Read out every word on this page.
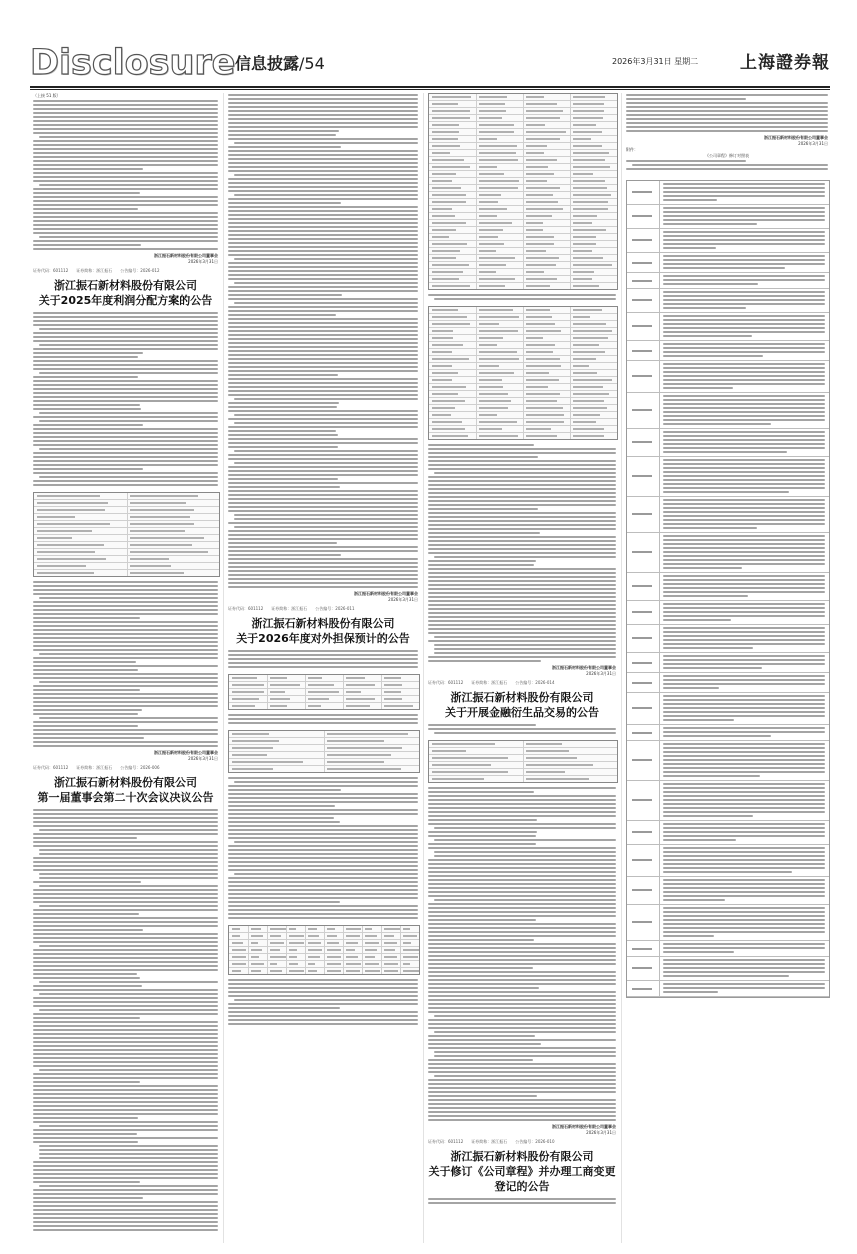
Disclosure 信息披露/54	2026年3月31日 星期二 上海證券報
（上接 51 版）
浙江振石新材料股份有限公司董事会
2026年3月31日
证券代码：601112　　证券简称：浙江振石　　公告编号：2026-012
浙江振石新材料股份有限公司
关于2025年度利润分配方案的公告
浙江振石新材料股份有限公司董事会
2026年3月31日
证券代码：601112　　证券简称：浙江振石　　公告编号：2026-006
浙江振石新材料股份有限公司
第一届董事会第二十次会议决议公告
浙江振石新材料股份有限公司董事会
2026年3月31日
证券代码：601112　　证券简称：浙江振石　　公告编号：2026-011
浙江振石新材料股份有限公司
关于2026年度对外担保预计的公告
浙江振石新材料股份有限公司董事会
2026年3月31日
证券代码：601112　　证券简称：浙江振石　　公告编号：2026-014
浙江振石新材料股份有限公司
关于开展金融衍生品交易的公告
浙江振石新材料股份有限公司董事会
2026年3月31日
证券代码：601112　　证券简称：浙江振石　　公告编号：2026-010
浙江振石新材料股份有限公司
关于修订《公司章程》并办理工商变更登记的公告
浙江振石新材料股份有限公司董事会
2026年3月31日
附件：
《公司章程》修订对照表
